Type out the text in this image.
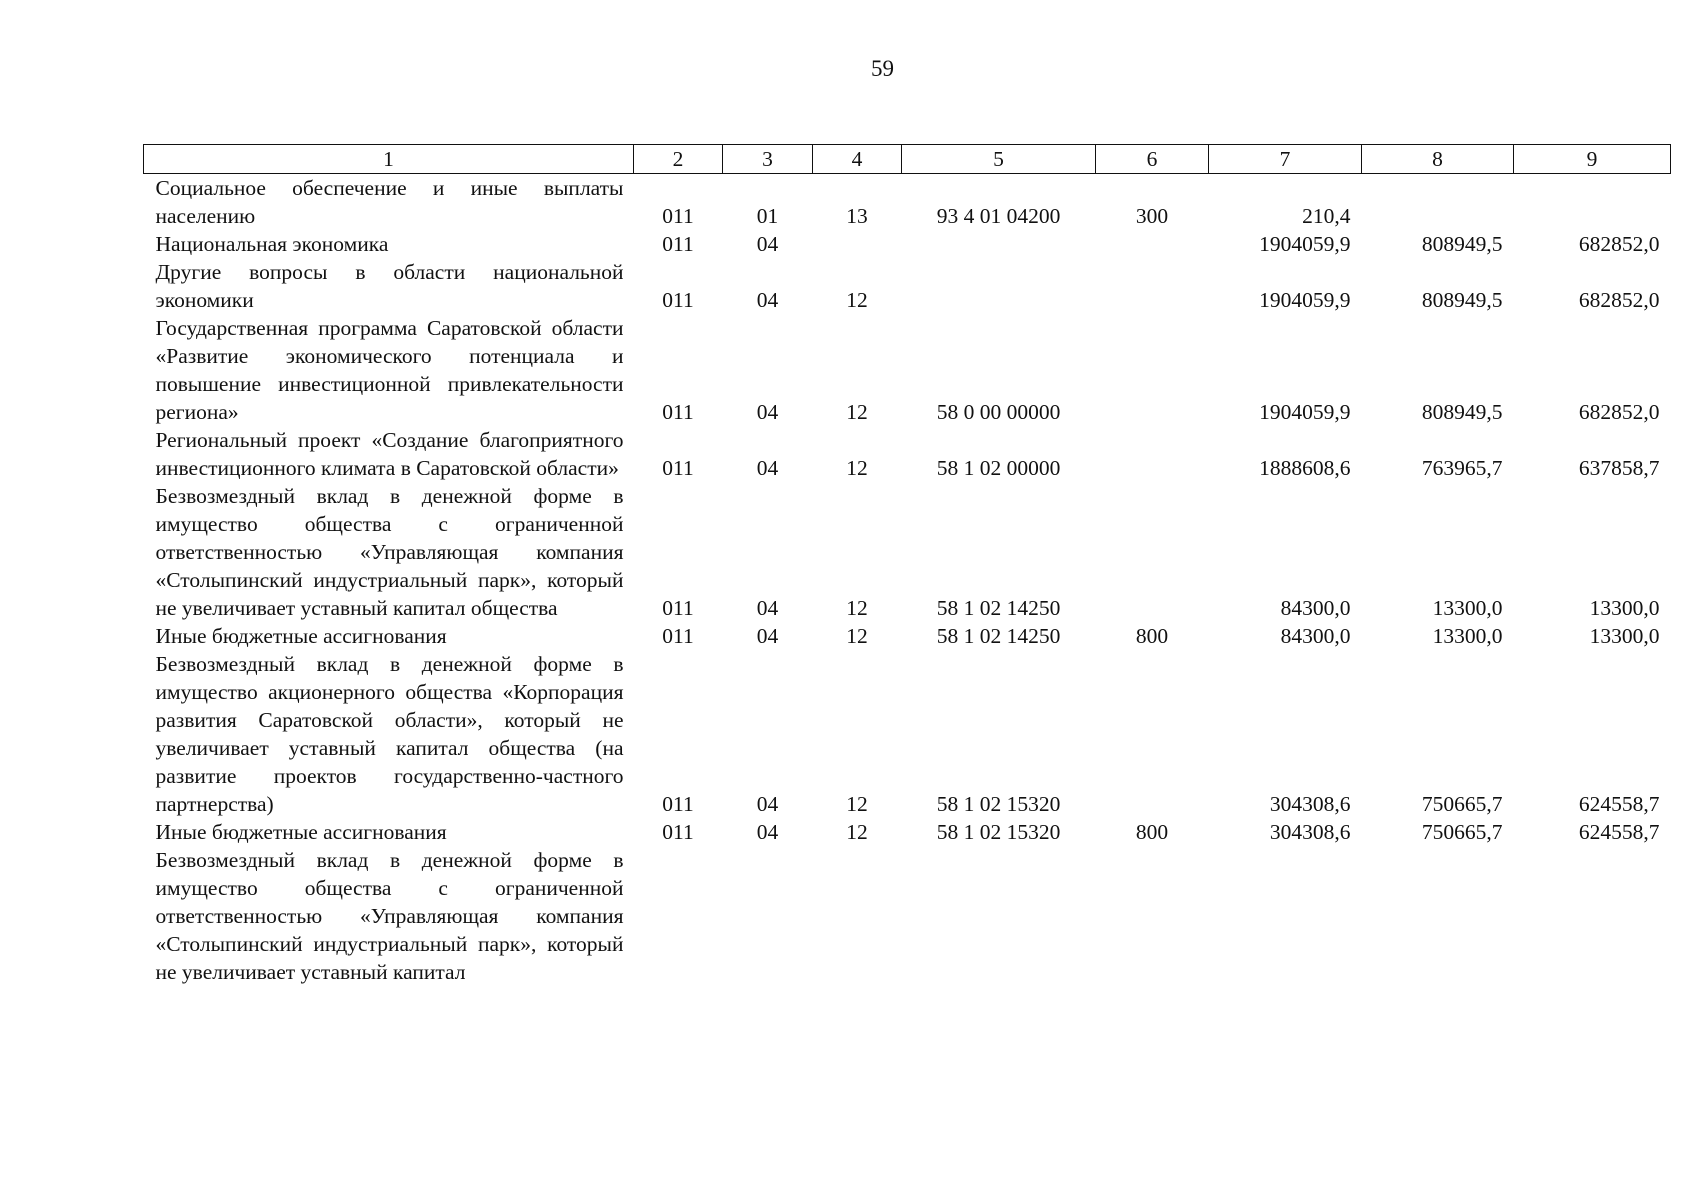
59
1	2	3	4	5	6	7	8	9
Социальное обеспечение и иные выплаты населению	011	01	13	93 4 01 04200	300	210,4		
Национальная экономика	011	04				1904059,9	808949,5	682852,0
Другие вопросы в области национальной экономики	011	04	12			1904059,9	808949,5	682852,0
Государственная программа Саратовской области «Развитие экономического потенциала и повышение инвестиционной привлекательности региона»	011	04	12	58 0 00 00000		1904059,9	808949,5	682852,0
Региональный проект «Создание благоприятного инвестиционного климата в Саратовской области»	011	04	12	58 1 02 00000		1888608,6	763965,7	637858,7
Безвозмездный вклад в денежной форме в имущество общества с ограниченной ответственностью «Управляющая компания «Столыпинский индустриальный парк», который не увеличивает уставный капитал общества	011	04	12	58 1 02 14250		84300,0	13300,0	13300,0
Иные бюджетные ассигнования	011	04	12	58 1 02 14250	800	84300,0	13300,0	13300,0
Безвозмездный вклад в денежной форме в имущество акционерного общества «Корпорация развития Саратовской области», который не увеличивает уставный капитал общества (на развитие проектов государственно-частного партнерства)	011	04	12	58 1 02 15320		304308,6	750665,7	624558,7
Иные бюджетные ассигнования	011	04	12	58 1 02 15320	800	304308,6	750665,7	624558,7
Безвозмездный вклад в денежной форме в имущество общества с ограниченной ответственностью «Управляющая компания «Столыпинский индустриальный парк», который не увеличивает уставный капитал								
